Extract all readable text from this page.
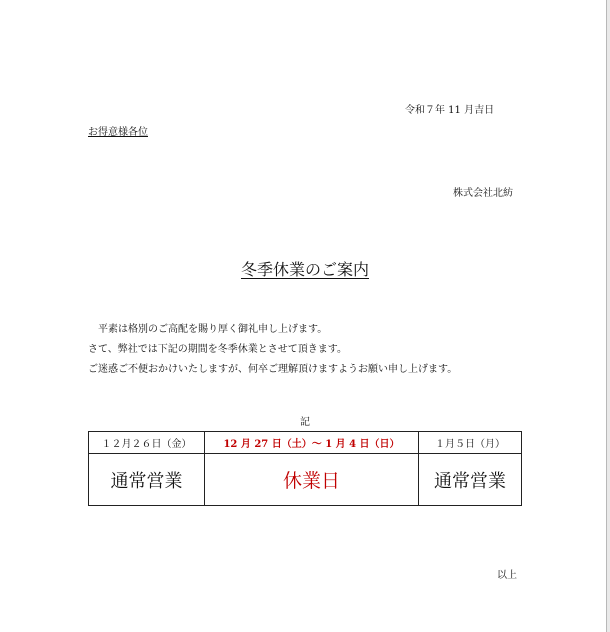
令和７年 11 月吉日
お得意様各位
株式会社北紡
冬季休業のご案内
平素は格別のご高配を賜り厚く御礼申し上げます。
さて、弊社では下記の期間を冬季休業とさせて頂きます。
ご迷惑ご不便おかけいたしますが、何卒ご理解頂けますようお願い申し上げます。
記
１２月２６日（金）	12 月 27 日（土）～ 1 月 4 日（日）	１月５日（月）
通常営業	休業日	通常営業
以上
